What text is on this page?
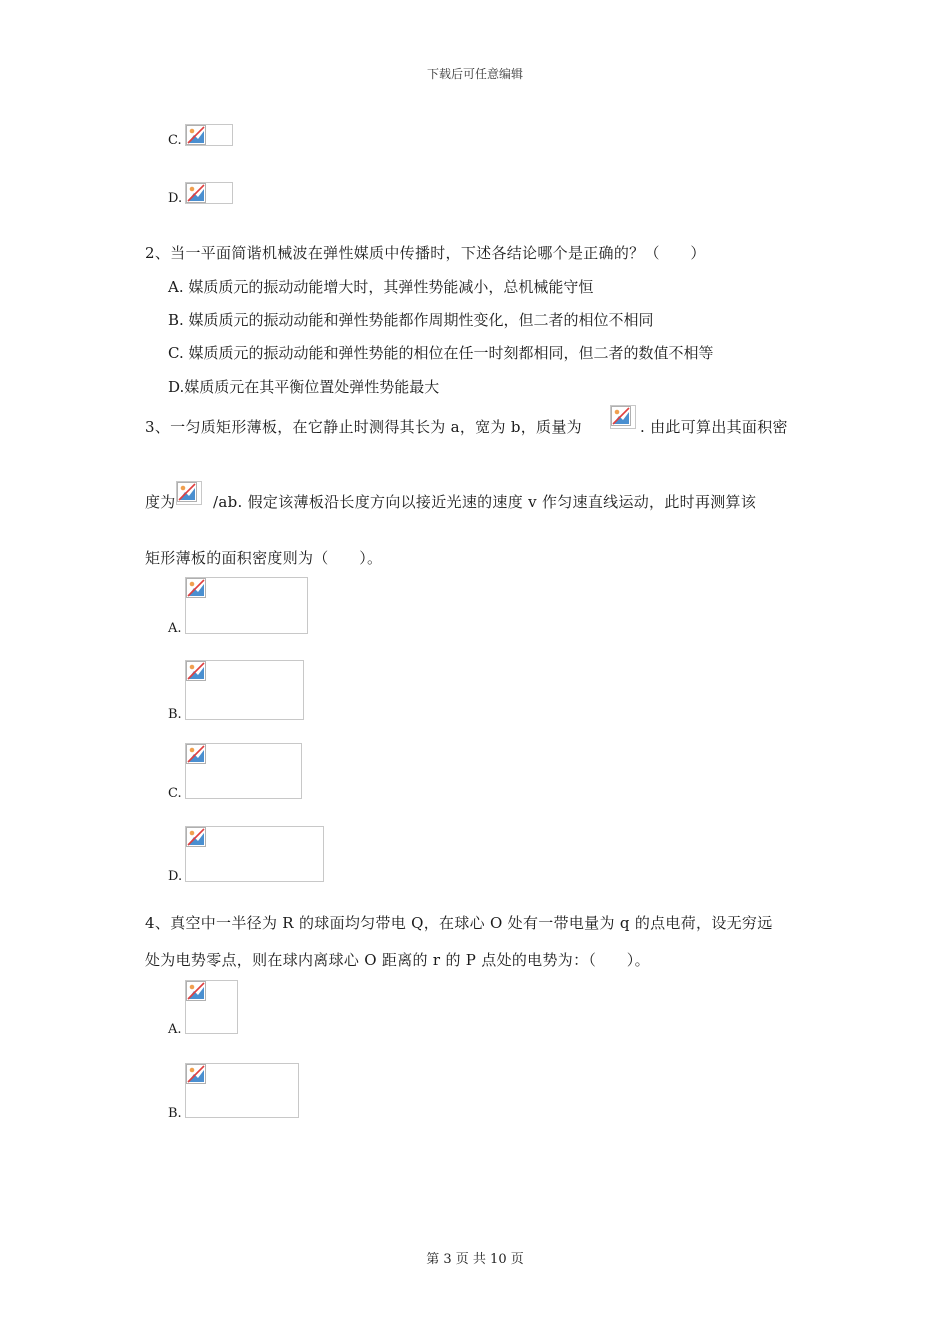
下载后可任意编辑
C.
D.
2、当一平面简谐机械波在弹性媒质中传播时，下述各结论哪个是正确的？（　　）
A. 媒质质元的振动动能增大时，其弹性势能减小，总机械能守恒
B. 媒质质元的振动动能和弹性势能都作周期性变化，但二者的相位不相同
C. 媒质质元的振动动能和弹性势能的相位在任一时刻都相同，但二者的数值不相等
D.媒质质元在其平衡位置处弹性势能最大
3、一匀质矩形薄板，在它静止时测得其长为 a，宽为 b，质量为	. 由此可算出其面积密
度为 /ab. 假定该薄板沿长度方向以接近光速的速度 v 作匀速直线运动，此时再测算该
矩形薄板的面积密度则为（　　）。
A.
B.
C.
D.
4、真空中一半径为 R 的球面均匀带电 Q，在球心 O 处有一带电量为 q 的点电荷，设无穷远
处为电势零点，则在球内离球心 O 距离的 r 的 P 点处的电势为：（　　）。
A.
B.
第 3 页 共 10 页
